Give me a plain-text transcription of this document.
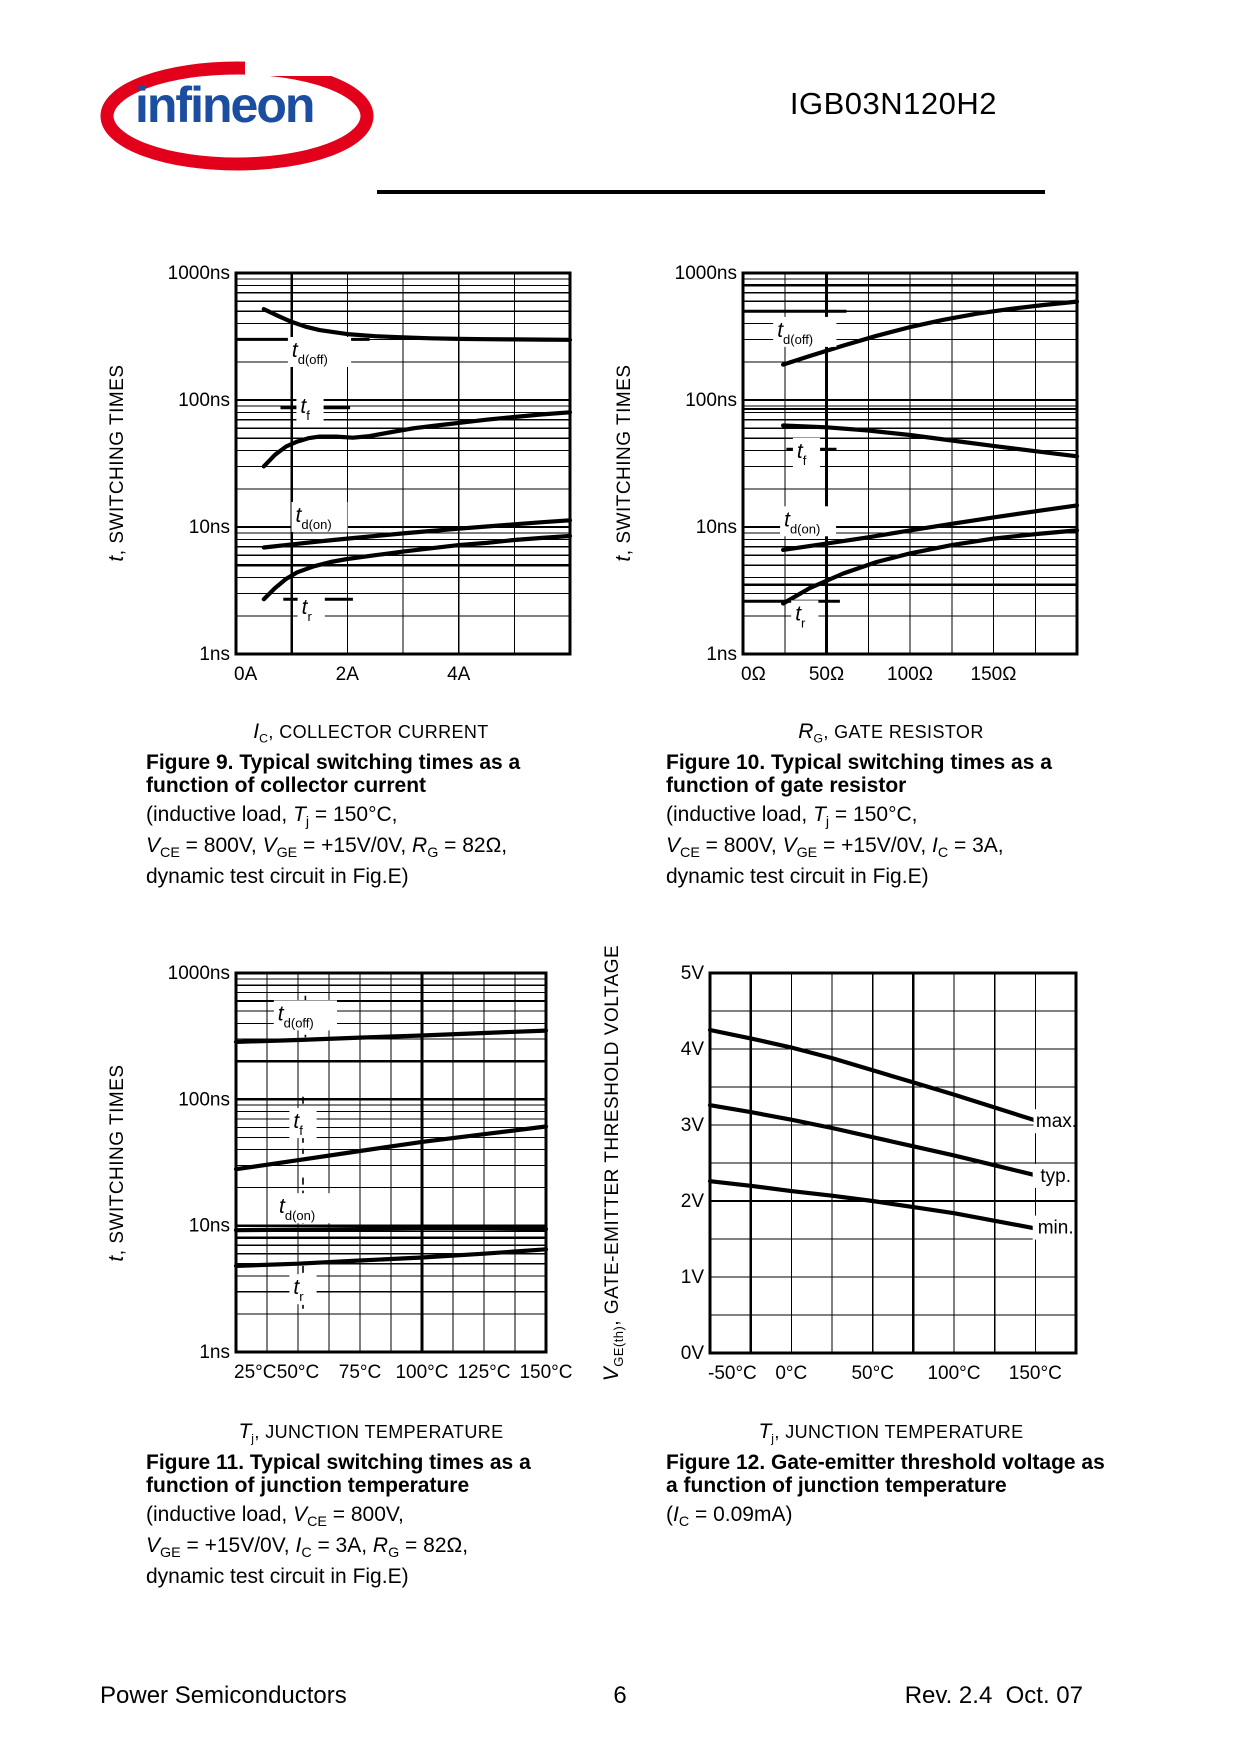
infineon	IGB03N120H2
t, SWITCHING TIMES
t, SWITCHING TIMES
t, SWITCHING TIMES
$V_{GE(th)}$, GATE-EMITTER THRESHOLD VOLTAGE
$t_{d(off)}$
$t_f$
$t_{d(on)}$
$t_r$
1000ns
100ns
10ns
1ns
0A	2A	4A
$t_{d(off)}$
$t_f$
$t_{d(on)}$
$t_r$
1000ns
100ns
10ns
1ns
0Ω 50Ω 100Ω 150Ω
$t_{d(off)}$
$t_f$
$t_{d(on)}$
$t_r$
1000ns
100ns
10ns
1ns
25°C 50°C 75°C 100°C 125°C 150°C
max.
typ.
min.
5V
4V
3V
2V
1V
0V
-50°C 0°C 50°C 100°C 150°C
$I_C$, COLLECTOR CURRENT
Figure 9. Typical switching times as a function of collector current
(inductive load, $T_j = 150^\circ C$,
$V_{CE} = 800V$, $V_{GE} = +15V/0V$, $R_G = 82\Omega$,
dynamic test circuit in Fig.E)
$R_G$, GATE RESISTOR
Figure 10. Typical switching times as a function of gate resistor
(inductive load, $T_j = 150^\circ C$,
$V_{CE} = 800V$, $V_{GE} = +15V/0V$, $I_C = 3A$,
dynamic test circuit in Fig.E)
$T_j$, JUNCTION TEMPERATURE
Figure 11. Typical switching times as a function of junction temperature
(inductive load, $V_{CE} = 800V$,
$V_{GE} = +15V/0V$, $I_C = 3A$, $R_G = 82\Omega$,
dynamic test circuit in Fig.E)
$T_j$, JUNCTION TEMPERATURE
Figure 12. Gate-emitter threshold voltage as a function of junction temperature
$(I_C = 0.09mA)$
Power Semiconductors	6	Rev. 2.4  Oct. 07
